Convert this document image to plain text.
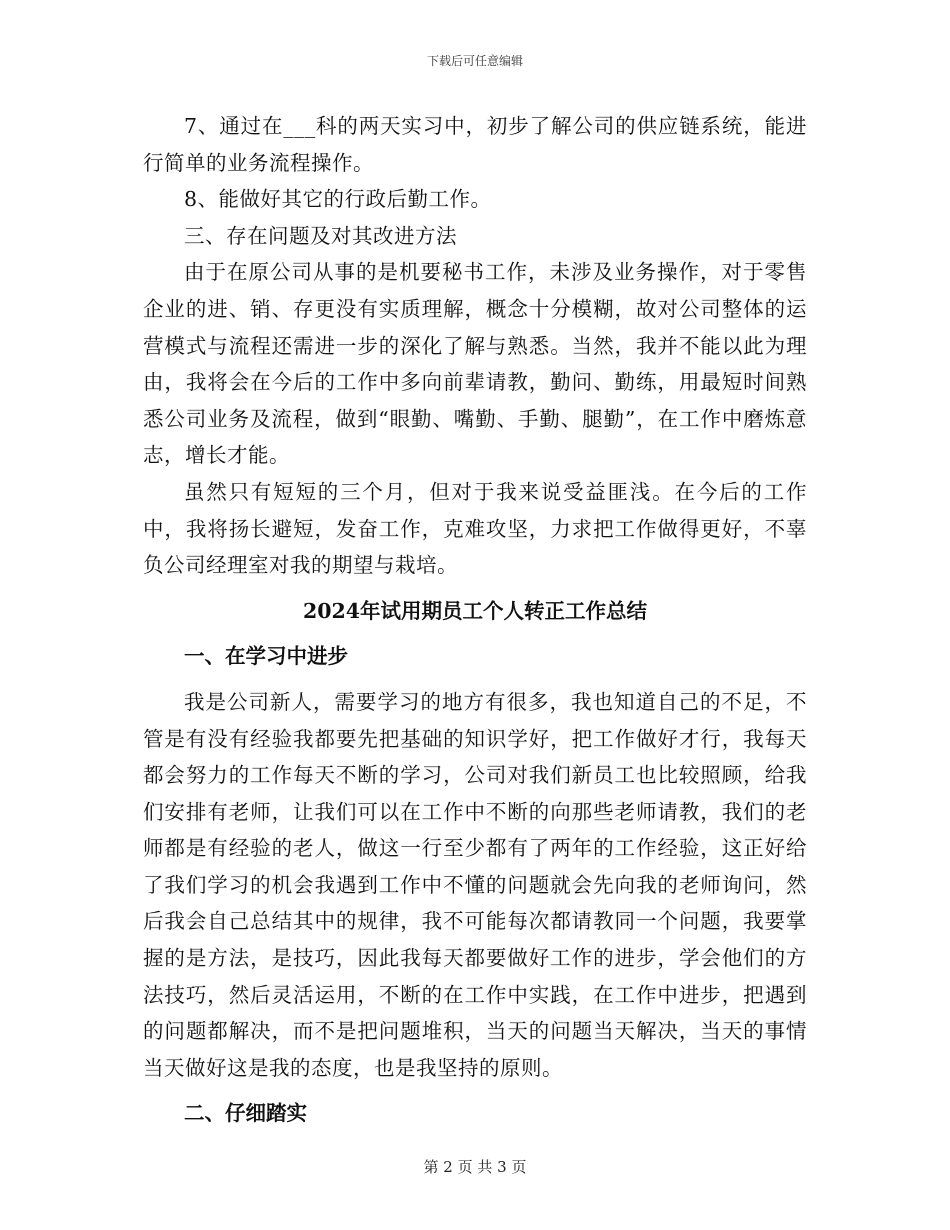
下载后可任意编辑

7、通过在___科的两天实习中，初步了解公司的供应链系统，能进行简单的业务流程操作。

8、能做好其它的行政后勤工作。

三、存在问题及对其改进方法

由于在原公司从事的是机要秘书工作，未涉及业务操作，对于零售企业的进、销、存更没有实质理解，概念十分模糊，故对公司整体的运营模式与流程还需进一步的深化了解与熟悉。当然，我并不能以此为理由，我将会在今后的工作中多向前辈请教，勤问、勤练，用最短时间熟悉公司业务及流程，做到“眼勤、嘴勤、手勤、腿勤”，在工作中磨炼意志，增长才能。

虽然只有短短的三个月，但对于我来说受益匪浅。在今后的工作中，我将扬长避短，发奋工作，克难攻坚，力求把工作做得更好，不辜负公司经理室对我的期望与栽培。

2024年试用期员工个人转正工作总结

一、在学习中进步

我是公司新人，需要学习的地方有很多，我也知道自己的不足，不管是有没有经验我都要先把基础的知识学好，把工作做好才行，我每天都会努力的工作每天不断的学习，公司对我们新员工也比较照顾，给我们安排有老师，让我们可以在工作中不断的向那些老师请教，我们的老师都是有经验的老人，做这一行至少都有了两年的工作经验，这正好给了我们学习的机会我遇到工作中不懂的问题就会先向我的老师询问，然后我会自己总结其中的规律，我不可能每次都请教同一个问题，我要掌握的是方法，是技巧，因此我每天都要做好工作的进步，学会他们的方法技巧，然后灵活运用，不断的在工作中实践，在工作中进步，把遇到的问题都解决，而不是把问题堆积，当天的问题当天解决，当天的事情当天做好这是我的态度，也是我坚持的原则。

二、仔细踏实

第 2 页 共 3 页
